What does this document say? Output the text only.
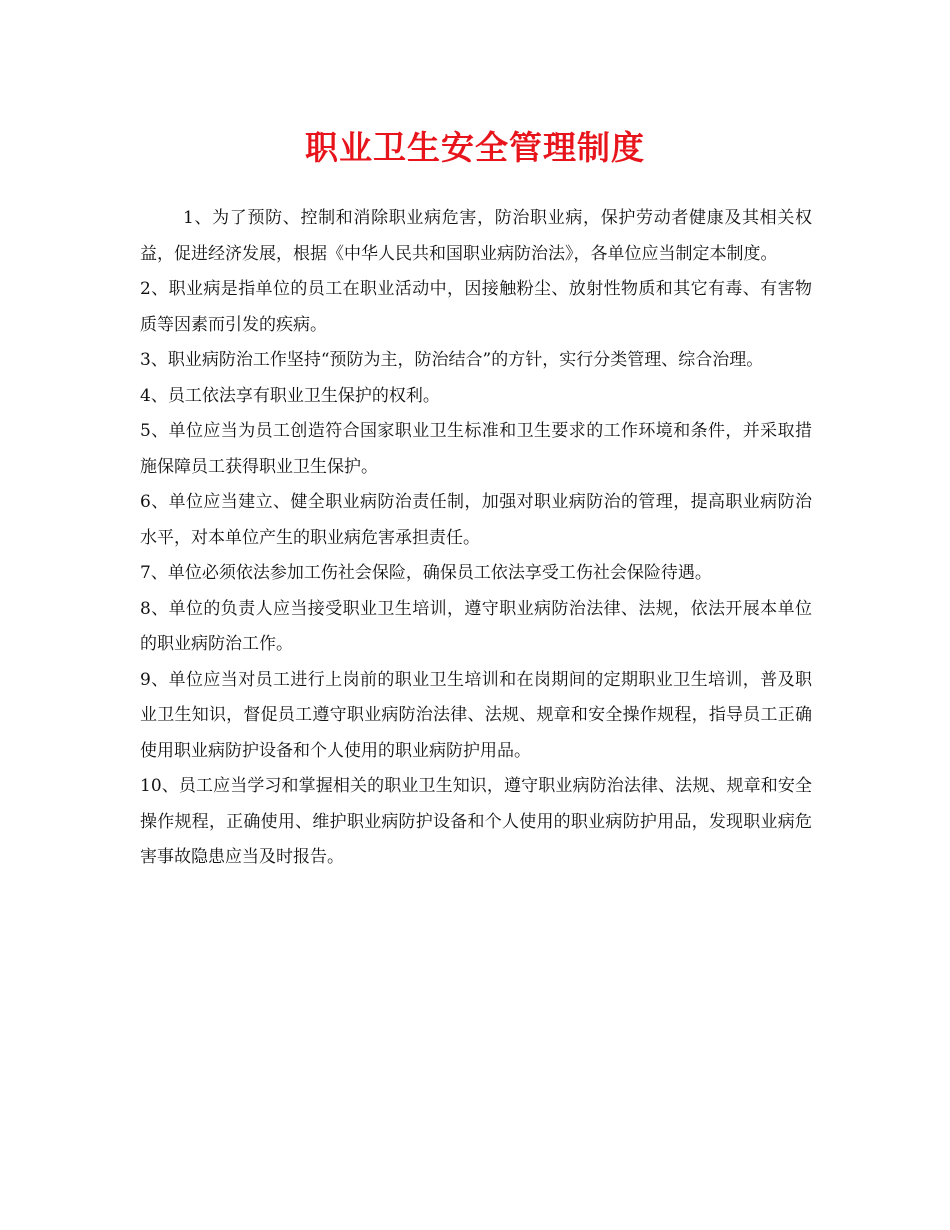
职业卫生安全管理制度

1、为了预防、控制和消除职业病危害，防治职业病，保护劳动者健康及其相关权益，促进经济发展，根据《中华人民共和国职业病防治法》，各单位应当制定本制度。

2、职业病是指单位的员工在职业活动中，因接触粉尘、放射性物质和其它有毒、有害物质等因素而引发的疾病。

3、职业病防治工作坚持“预防为主，防治结合”的方针，实行分类管理、综合治理。

4、员工依法享有职业卫生保护的权利。

5、单位应当为员工创造符合国家职业卫生标准和卫生要求的工作环境和条件，并采取措施保障员工获得职业卫生保护。

6、单位应当建立、健全职业病防治责任制，加强对职业病防治的管理，提高职业病防治水平，对本单位产生的职业病危害承担责任。

7、单位必须依法参加工伤社会保险，确保员工依法享受工伤社会保险待遇。

8、单位的负责人应当接受职业卫生培训，遵守职业病防治法律、法规，依法开展本单位的职业病防治工作。

9、单位应当对员工进行上岗前的职业卫生培训和在岗期间的定期职业卫生培训，普及职业卫生知识，督促员工遵守职业病防治法律、法规、规章和安全操作规程，指导员工正确使用职业病防护设备和个人使用的职业病防护用品。

10、员工应当学习和掌握相关的职业卫生知识，遵守职业病防治法律、法规、规章和安全操作规程，正确使用、维护职业病防护设备和个人使用的职业病防护用品，发现职业病危害事故隐患应当及时报告。
